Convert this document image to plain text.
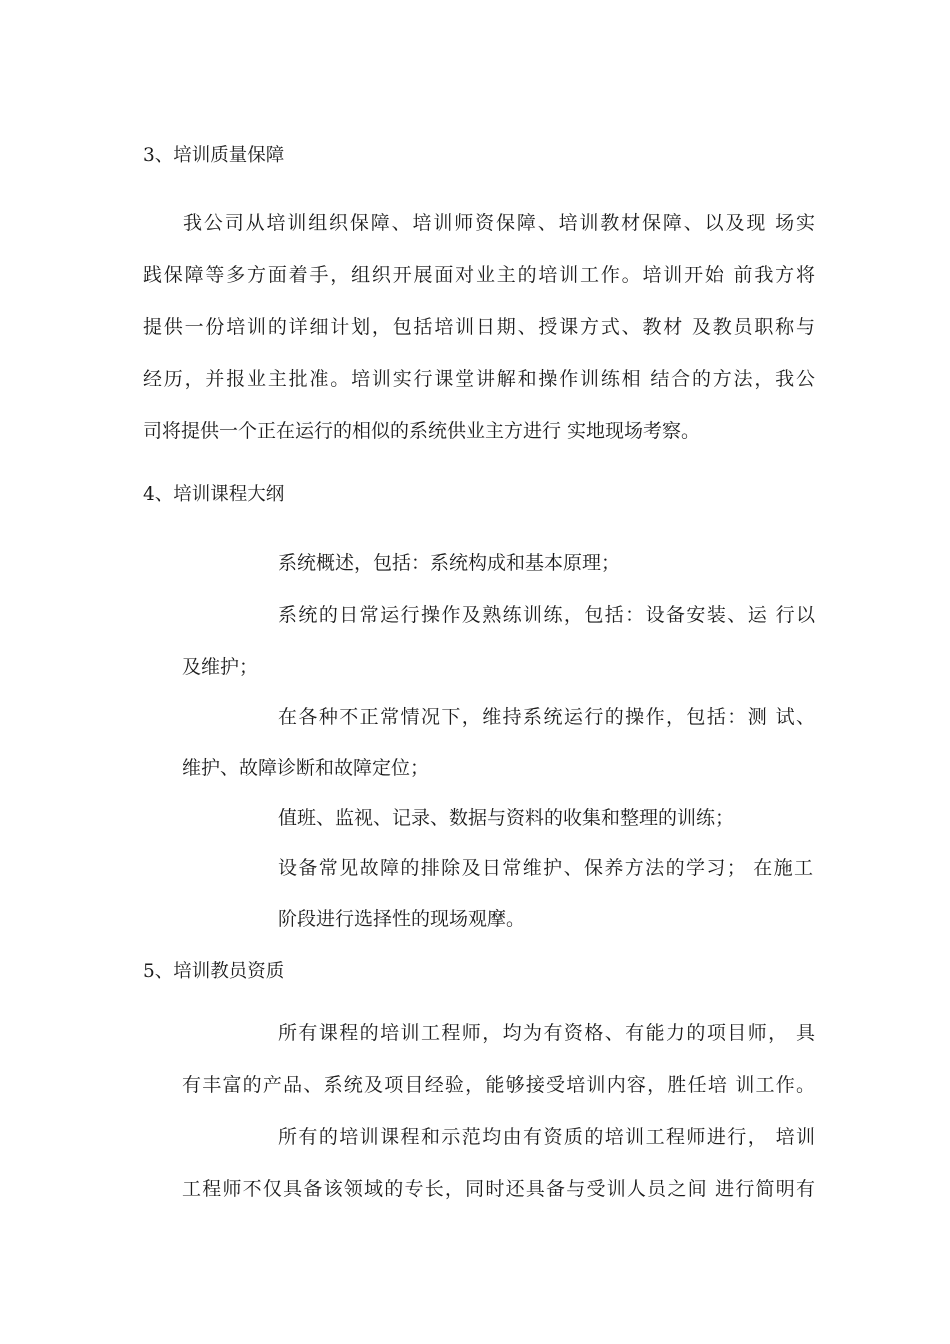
3、培训质量保障
我公司从培训组织保障、培训师资保障、培训教材保障、以及现 场实
践保障等多方面着手，组织开展面对业主的培训工作。培训开始 前我方将
提供一份培训的详细计划，包括培训日期、授课方式、教材 及教员职称与
经历，并报业主批准。培训实行课堂讲解和操作训练相 结合的方法，我公
司将提供一个正在运行的相似的系统供业主方进行 实地现场考察。
4、培训课程大纲
系统概述，包括：系统构成和基本原理；
系统的日常运行操作及熟练训练，包括：设备安装、运 行以
及维护；
在各种不正常情况下，维持系统运行的操作，包括：测 试、
维护、故障诊断和故障定位；
值班、监视、记录、数据与资料的收集和整理的训练；
设备常见故障的排除及日常维护、保养方法的学习； 在施工
阶段进行选择性的现场观摩。
5、培训教员资质
所有课程的培训工程师，均为有资格、有能力的项目师， 具
有丰富的产品、系统及项目经验，能够接受培训内容，胜任培 训工作。
所有的培训课程和示范均由有资质的培训工程师进行， 培训
工程师不仅具备该领域的专长，同时还具备与受训人员之间 进行简明有
